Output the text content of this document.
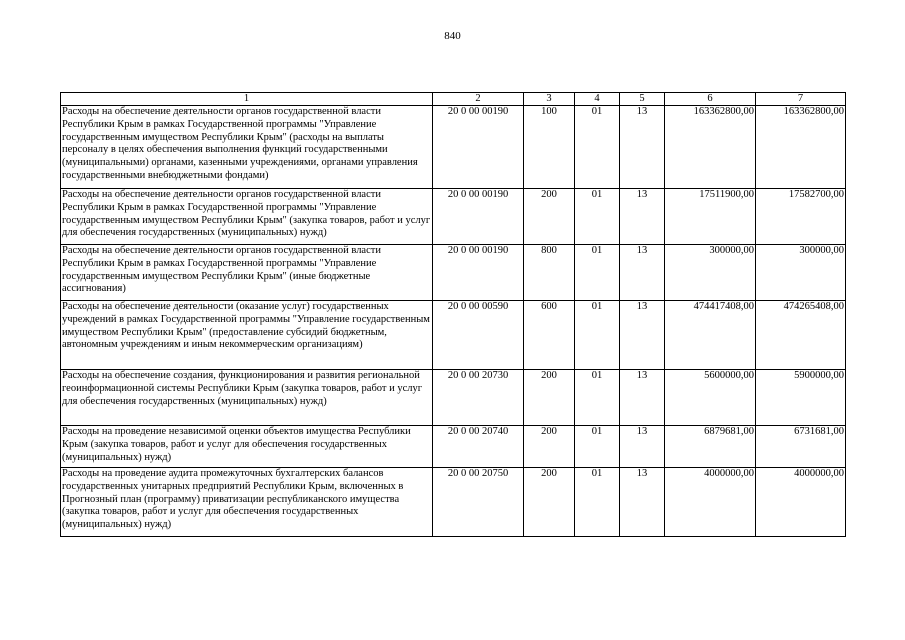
840
1	2	3	4	5	6	7
Расходы на обеспечение деятельности органов государственной власти Республики Крым в рамках Государственной программы "Управление государственным имуществом Республики Крым" (расходы на выплаты персоналу в целях обеспечения выполнения функций государственными (муниципальными) органами, казенными учреждениями, органами управления государственными внебюджетными фондами)	20 0 00 00190	100	01	13	163362800,00	163362800,00
Расходы на обеспечение деятельности органов государственной власти Республики Крым в рамках Государственной программы "Управление государственным имуществом Республики Крым" (закупка товаров, работ и услуг для обеспечения государственных (муниципальных) нужд)	20 0 00 00190	200	01	13	17511900,00	17582700,00
Расходы на обеспечение деятельности органов государственной власти Республики Крым в рамках Государственной программы "Управление государственным имуществом Республики Крым" (иные бюджетные ассигнования)	20 0 00 00190	800	01	13	300000,00	300000,00
Расходы на обеспечение деятельности (оказание услуг) государственных учреждений в рамках Государственной программы "Управление государственным имуществом Республики Крым" (предоставление субсидий бюджетным, автономным учреждениям и иным некоммерческим организациям)	20 0 00 00590	600	01	13	474417408,00	474265408,00
Расходы на обеспечение создания, функционирования и развития региональной геоинформационной системы Республики Крым (закупка товаров, работ и услуг для обеспечения государственных (муниципальных) нужд)	20 0 00 20730	200	01	13	5600000,00	5900000,00
Расходы на проведение независимой оценки объектов имущества Республики Крым (закупка товаров, работ и услуг для обеспечения государственных (муниципальных) нужд)	20 0 00 20740	200	01	13	6879681,00	6731681,00
Расходы на проведение аудита промежуточных бухгалтерских балансов государственных унитарных предприятий Республики Крым, включенных в Прогнозный план (программу) приватизации республиканского имущества (закупка товаров, работ и услуг для обеспечения государственных (муниципальных) нужд)	20 0 00 20750	200	01	13	4000000,00	4000000,00
